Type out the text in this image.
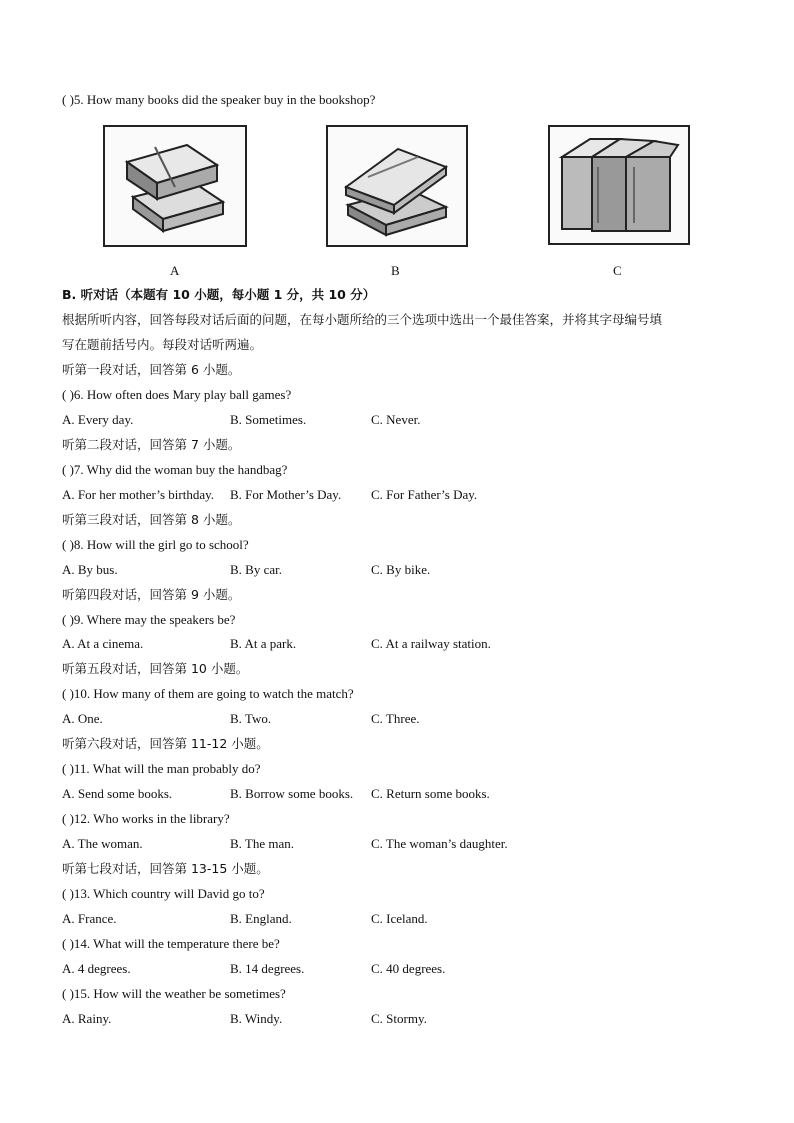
( )5. How many books did the speaker buy in the bookshop?
A	B	C
B. 听对话（本题有 10 小题，每小题 1 分，共 10 分）
根据所听内容，回答每段对话后面的问题，在每小题所给的三个选项中选出一个最佳答案，并将其字母编号填
写在题前括号内。每段对话听两遍。
听第一段对话，回答第 6 小题。
( )6. How often does Mary play ball games?
A. Every day.	B. Sometimes.	C. Never.
听第二段对话，回答第 7 小题。
( )7. Why did the woman buy the handbag?
A. For her mother’s birthday. B. For Mother’s Day. C. For Father’s Day.
听第三段对话，回答第 8 小题。
( )8. How will the girl go to school?
A. By bus.	B. By car.	C. By bike.
听第四段对话，回答第 9 小题。
( )9. Where may the speakers be?
A. At a cinema.	B. At a park.	C. At a railway station.
听第五段对话，回答第 10 小题。
( )10. How many of them are going to watch the match?
A. One.	B. Two.	C. Three.
听第六段对话，回答第 11-12 小题。
( )11. What will the man probably do?
A. Send some books.	B. Borrow some books. C. Return some books.
( )12. Who works in the library?
A. The woman.	B. The man.	C. The woman’s daughter.
听第七段对话，回答第 13-15 小题。
( )13. Which country will David go to?
A. France.	B. England.	C. Iceland.
( )14. What will the temperature there be?
A. 4 degrees.	B. 14 degrees.	C. 40 degrees.
( )15. How will the weather be sometimes?
A. Rainy.	B. Windy.	C. Stormy.
